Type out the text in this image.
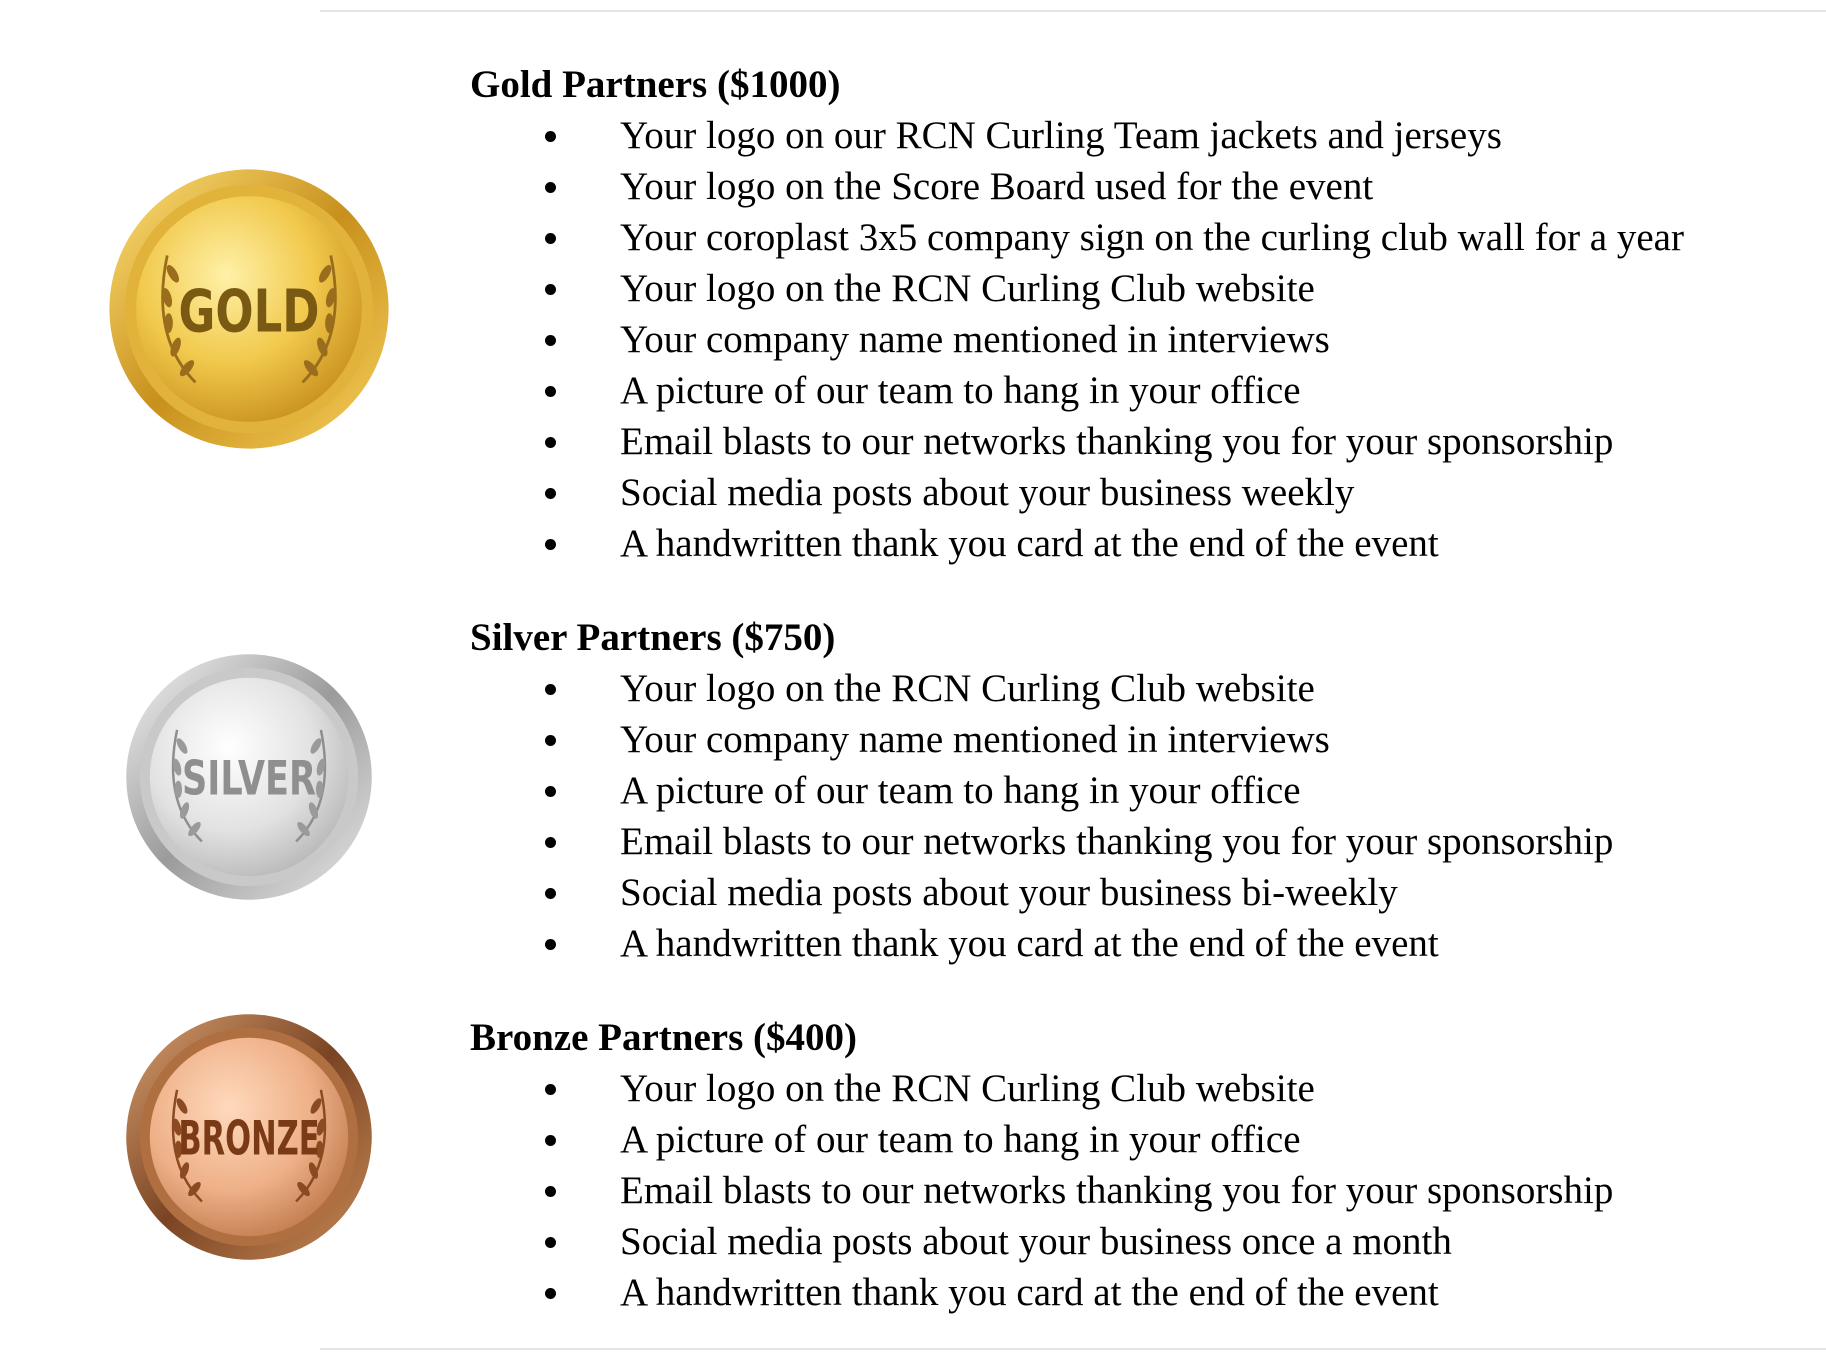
GOLD
Gold Partners ($1000)
Your logo on our RCN Curling Team jackets and jerseys
Your logo on the Score Board used for the event
Your coroplast 3x5 company sign on the curling club wall for a year
Your logo on the RCN Curling Club website
Your company name mentioned in interviews
A picture of our team to hang in your office
Email blasts to our networks thanking you for your sponsorship
Social media posts about your business weekly
A handwritten thank you card at the end of the event
SILVER
Silver Partners ($750)
Your logo on the RCN Curling Club website
Your company name mentioned in interviews
A picture of our team to hang in your office
Email blasts to our networks thanking you for your sponsorship
Social media posts about your business bi-weekly
A handwritten thank you card at the end of the event
BRONZE
Bronze Partners ($400)
Your logo on the RCN Curling Club website
A picture of our team to hang in your office
Email blasts to our networks thanking you for your sponsorship
Social media posts about your business once a month
A handwritten thank you card at the end of the event
